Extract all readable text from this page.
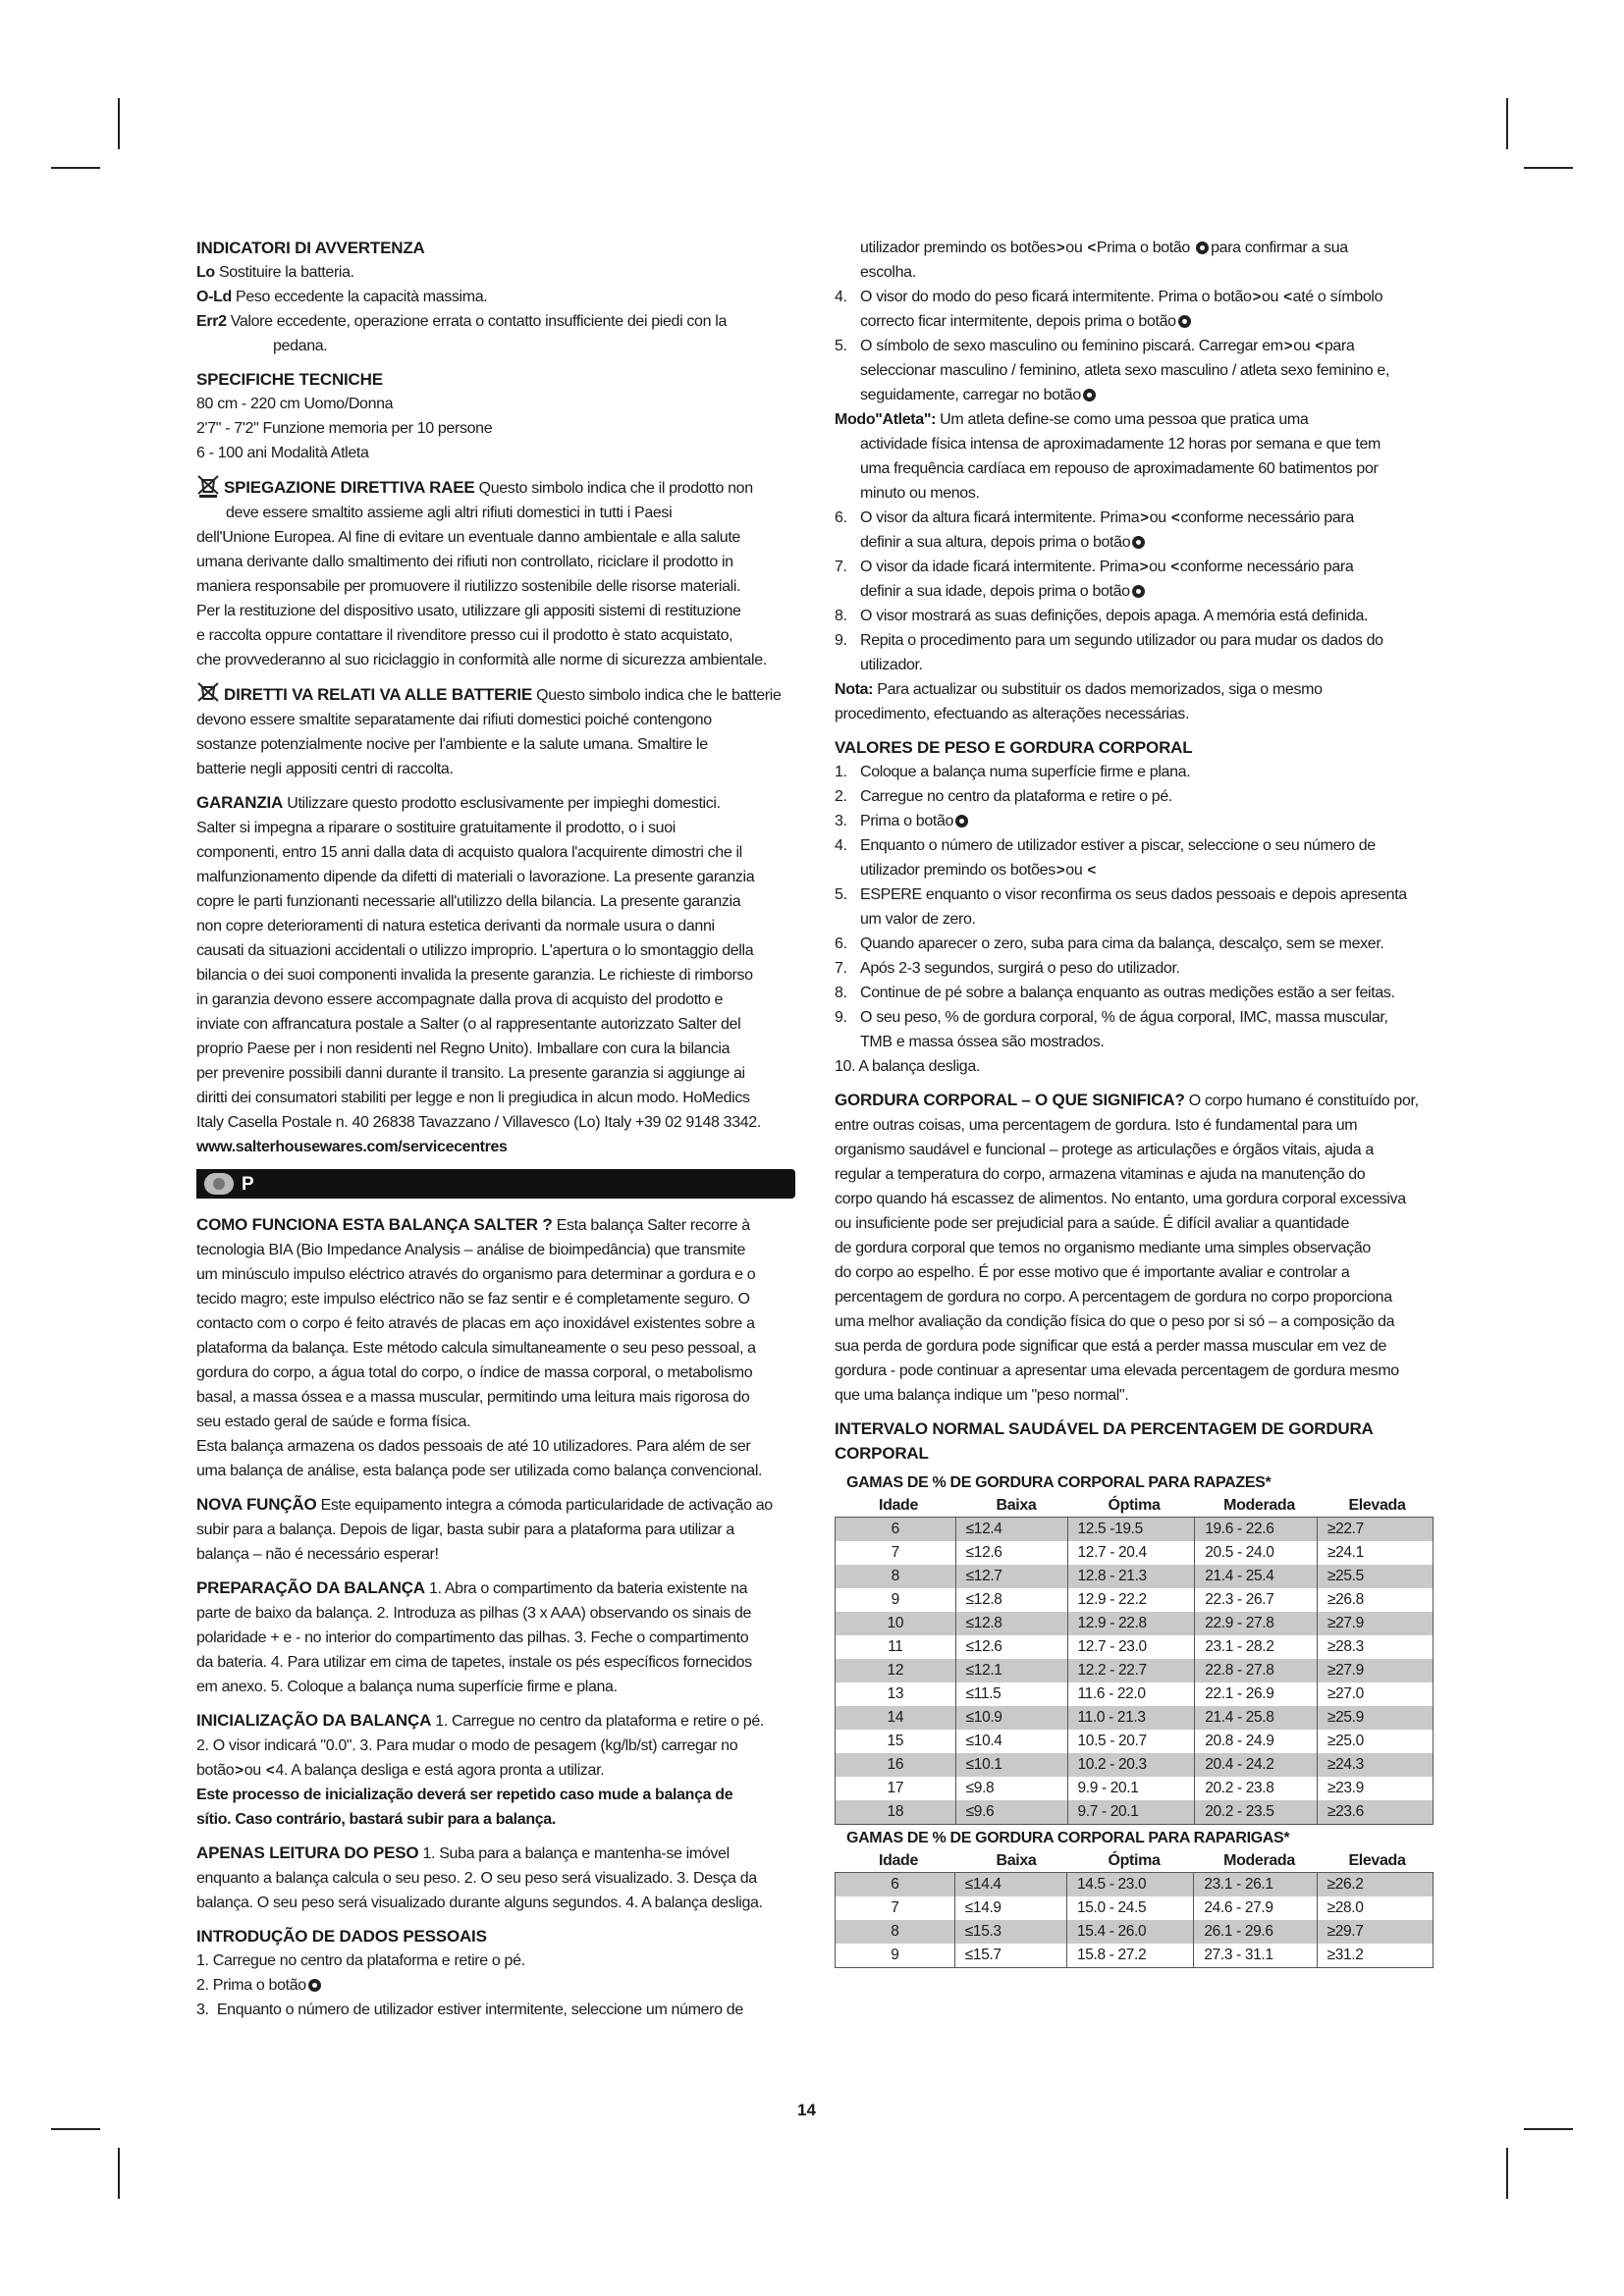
INDICATORI DI AVVERTENZA

Lo Sostituire la batteria.

O-Ld Peso eccedente la capacità massima.

Err2 Valore eccedente, operazione errata o contatto insufficiente dei piedi con la

pedana.

SPECIFICHE TECNICHE

80 cm - 220 cm Uomo/Donna

2'7" - 7'2" Funzione memoria per 10 persone

6 - 100 ani Modalità Atleta

SPIEGAZIONE DIRETTIVA RAEE Questo simbolo indica che il prodotto non

deve essere smaltito assieme agli altri rifiuti domestici in tutti i Paesi

dell'Unione Europea. Al fine di evitare un eventuale danno ambientale e alla salute

umana derivante dallo smaltimento dei rifiuti non controllato, riciclare il prodotto in

maniera responsabile per promuovere il riutilizzo sostenibile delle risorse materiali.

Per la restituzione del dispositivo usato, utilizzare gli appositi sistemi di restituzione

e raccolta oppure contattare il rivenditore presso cui il prodotto è stato acquistato,

che provvederanno al suo riciclaggio in conformità alle norme di sicurezza ambientale.

DIRETTI VA RELATI VA ALLE BATTERIE Questo simbolo indica che le batterie

devono essere smaltite separatamente dai rifiuti domestici poiché contengono

sostanze potenzialmente nocive per l'ambiente e la salute umana. Smaltire le

batterie negli appositi centri di raccolta.

GARANZIA Utilizzare questo prodotto esclusivamente per impieghi domestici.

Salter si impegna a riparare o sostituire gratuitamente il prodotto, o i suoi

componenti, entro 15 anni dalla data di acquisto qualora l'acquirente dimostri che il

malfunzionamento dipende da difetti di materiali o lavorazione. La presente garanzia

copre le parti funzionanti necessarie all'utilizzo della bilancia. La presente garanzia

non copre deterioramenti di natura estetica derivanti da normale usura o danni

causati da situazioni accidentali o utilizzo improprio. L'apertura o lo smontaggio della

bilancia o dei suoi componenti invalida la presente garanzia. Le richieste di rimborso

in garanzia devono essere accompagnate dalla prova di acquisto del prodotto e

inviate con affrancatura postale a Salter (o al rappresentante autorizzato Salter del

proprio Paese per i non residenti nel Regno Unito). Imballare con cura la bilancia

per prevenire possibili danni durante il transito. La presente garanzia si aggiunge ai

diritti dei consumatori stabiliti per legge e non li pregiudica in alcun modo. HoMedics

Italy Casella Postale n. 40 26838 Tavazzano / Villavesco (Lo) Italy +39 02 9148 3342.

www.salterhousewares.com/servicecentres

P

COMO FUNCIONA ESTA BALANÇA SALTER ? Esta balança Salter recorre à

tecnologia BIA (Bio Impedance Analysis – análise de bioimpedância) que transmite

um minúsculo impulso eléctrico através do organismo para determinar a gordura e o

tecido magro; este impulso eléctrico não se faz sentir e é completamente seguro. O

contacto com o corpo é feito através de placas em aço inoxidável existentes sobre a

plataforma da balança. Este método calcula simultaneamente o seu peso pessoal, a

gordura do corpo, a água total do corpo, o índice de massa corporal, o metabolismo

basal, a massa óssea e a massa muscular, permitindo uma leitura mais rigorosa do

seu estado geral de saúde e forma física.

Esta balança armazena os dados pessoais de até 10 utilizadores. Para além de ser

uma balança de análise, esta balança pode ser utilizada como balança convencional.

NOVA FUNÇÃO Este equipamento integra a cómoda particularidade de activação ao

subir para a balança. Depois de ligar, basta subir para a plataforma para utilizar a

balança – não é necessário esperar!

PREPARAÇÃO DA BALANÇA 1. Abra o compartimento da bateria existente na

parte de baixo da balança. 2. Introduza as pilhas (3 x AAA) observando os sinais de

polaridade + e - no interior do compartimento das pilhas. 3. Feche o compartimento

da bateria. 4. Para utilizar em cima de tapetes, instale os pés específicos fornecidos

em anexo. 5. Coloque a balança numa superfície firme e plana.

INICIALIZAÇÃO DA BALANÇA 1. Carregue no centro da plataforma e retire o pé.

2. O visor indicará "0.0". 3. Para mudar o modo de pesagem (kg/lb/st) carregar no

botão>ou <4. A balança desliga e está agora pronta a utilizar.

Este processo de inicialização deverá ser repetido caso mude a balança de

sítio. Caso contrário, bastará subir para a balança.

APENAS LEITURA DO PESO 1. Suba para a balança e mantenha-se imóvel

enquanto a balança calcula o seu peso. 2. O seu peso será visualizado. 3. Desça da

balança. O seu peso será visualizado durante alguns segundos. 4. A balança desliga.

INTRODUÇÃO DE DADOS PESSOAIS

1. Carregue no centro da plataforma e retire o pé.

2. Prima o botão

3. Enquanto o número de utilizador estiver intermitente, seleccione um número de

utilizador premindo os botões>ou <Prima o botão para confirmar a sua

escolha.

4. O visor do modo do peso ficará intermitente. Prima o botão>ou <até o símbolo

correcto ficar intermitente, depois prima o botão

5. O símbolo de sexo masculino ou feminino piscará. Carregar em>ou <para

seleccionar masculino / feminino, atleta sexo masculino / atleta sexo feminino e,

seguidamente, carregar no botão

Modo"Atleta": Um atleta define-se como uma pessoa que pratica uma

actividade física intensa de aproximadamente 12 horas por semana e que tem

uma frequência cardíaca em repouso de aproximadamente 60 batimentos por

minuto ou menos.

6. O visor da altura ficará intermitente. Prima>ou <conforme necessário para

definir a sua altura, depois prima o botão

7. O visor da idade ficará intermitente. Prima>ou <conforme necessário para

definir a sua idade, depois prima o botão

8. O visor mostrará as suas definições, depois apaga. A memória está definida.

9. Repita o procedimento para um segundo utilizador ou para mudar os dados do

utilizador.

Nota: Para actualizar ou substituir os dados memorizados, siga o mesmo

procedimento, efectuando as alterações necessárias.

VALORES DE PESO E GORDURA CORPORAL

1. Coloque a balança numa superfície firme e plana.

2. Carregue no centro da plataforma e retire o pé.

3. Prima o botão

4. Enquanto o número de utilizador estiver a piscar, seleccione o seu número de

utilizador premindo os botões>ou <

5. ESPERE enquanto o visor reconfirma os seus dados pessoais e depois apresenta

um valor de zero.

6. Quando aparecer o zero, suba para cima da balança, descalço, sem se mexer.

7. Após 2-3 segundos, surgirá o peso do utilizador.

8. Continue de pé sobre a balança enquanto as outras medições estão a ser feitas.

9. O seu peso, % de gordura corporal, % de água corporal, IMC, massa muscular,

TMB e massa óssea são mostrados.

10. A balança desliga.

GORDURA CORPORAL – O QUE SIGNIFICA? O corpo humano é constituído por,

entre outras coisas, uma percentagem de gordura. Isto é fundamental para um

organismo saudável e funcional – protege as articulações e órgãos vitais, ajuda a

regular a temperatura do corpo, armazena vitaminas e ajuda na manutenção do

corpo quando há escassez de alimentos. No entanto, uma gordura corporal excessiva

ou insuficiente pode ser prejudicial para a saúde. É difícil avaliar a quantidade

de gordura corporal que temos no organismo mediante uma simples observação

do corpo ao espelho. É por esse motivo que é importante avaliar e controlar a

percentagem de gordura no corpo. A percentagem de gordura no corpo proporciona

uma melhor avaliação da condição física do que o peso por si só – a composição da

sua perda de gordura pode significar que está a perder massa muscular em vez de

gordura - pode continuar a apresentar uma elevada percentagem de gordura mesmo

que uma balança indique um "peso normal".

INTERVALO NORMAL SAUDÁVEL DA PERCENTAGEM DE GORDURA CORPORAL

GAMAS DE % DE GORDURA CORPORAL PARA RAPAZES*

Idade	Baixa	Óptima	Moderada	Elevada
6	≤12.4	12.5 -19.5	19.6 - 22.6	≥22.7
7	≤12.6	12.7 - 20.4	20.5 - 24.0	≥24.1
8	≤12.7	12.8 - 21.3	21.4 - 25.4	≥25.5
9	≤12.8	12.9 - 22.2	22.3 - 26.7	≥26.8
10	≤12.8	12.9 - 22.8	22.9 - 27.8	≥27.9
11	≤12.6	12.7 - 23.0	23.1 - 28.2	≥28.3
12	≤12.1	12.2 - 22.7	22.8 - 27.8	≥27.9
13	≤11.5	11.6 - 22.0	22.1 - 26.9	≥27.0
14	≤10.9	11.0 - 21.3	21.4 - 25.8	≥25.9
15	≤10.4	10.5 - 20.7	20.8 - 24.9	≥25.0
16	≤10.1	10.2 - 20.3	20.4 - 24.2	≥24.3
17	≤9.8	9.9 - 20.1	20.2 - 23.8	≥23.9
18	≤9.6	9.7 - 20.1	20.2 - 23.5	≥23.6

GAMAS DE % DE GORDURA CORPORAL PARA RAPARIGAS*

Idade	Baixa	Óptima	Moderada	Elevada
6	≤14.4	14.5 - 23.0	23.1 - 26.1	≥26.2
7	≤14.9	15.0 - 24.5	24.6 - 27.9	≥28.0
8	≤15.3	15.4 - 26.0	26.1 - 29.6	≥29.7
9	≤15.7	15.8 - 27.2	27.3 - 31.1	≥31.2
14
